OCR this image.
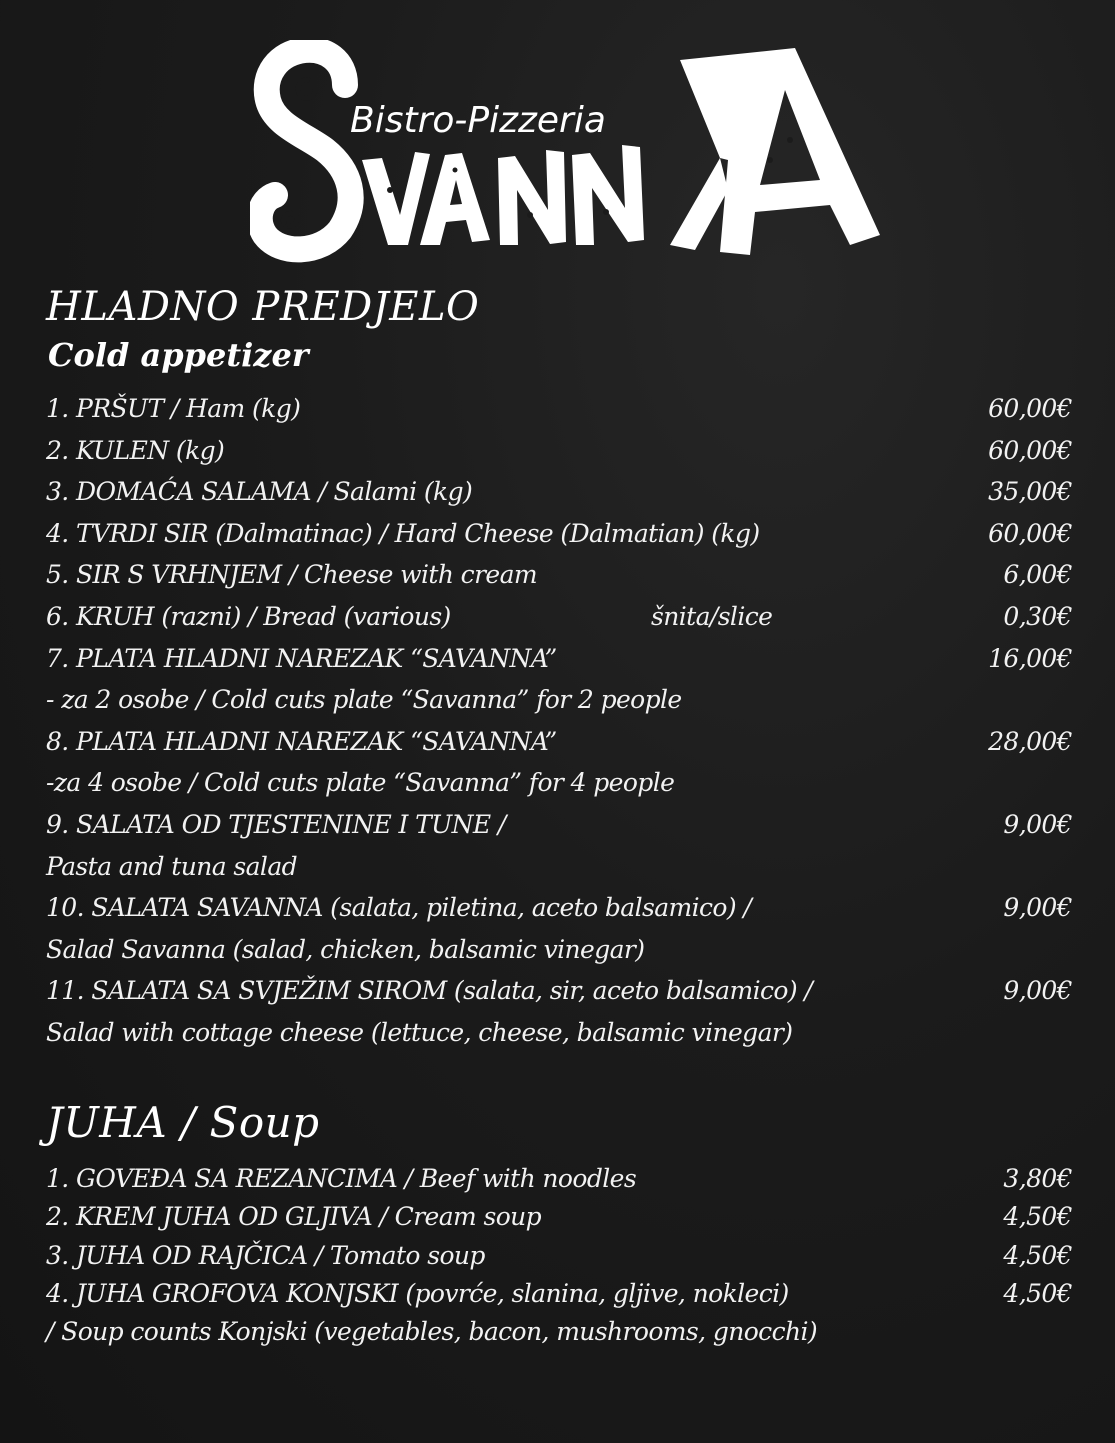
Bistro-Pizzeria
HLADNO PREDJELO
Cold appetizer
1. PRŠUT / Ham (kg)	60,00€
2. KULEN (kg)	60,00€
3. DOMAĆA SALAMA / Salami (kg)	35,00€
4. TVRDI SIR (Dalmatinac) / Hard Cheese (Dalmatian) (kg)	60,00€
5. SIR S VRHNJEM / Cheese with cream	6,00€
6. KRUH (razni) / Bread (various)	šnita/slice	0,30€
7. PLATA HLADNI NAREZAK “SAVANNA”	16,00€
- za 2 osobe / Cold cuts plate “Savanna” for 2 people
8. PLATA HLADNI NAREZAK “SAVANNA”	28,00€
-za 4 osobe / Cold cuts plate “Savanna” for 4 people
9. SALATA OD TJESTENINE I TUNE /	9,00€
Pasta and tuna salad
10. SALATA SAVANNA (salata, piletina, aceto balsamico) /	9,00€
Salad Savanna (salad, chicken, balsamic vinegar)
11. SALATA SA SVJEŽIM SIROM (salata, sir, aceto balsamico) /	9,00€
Salad with cottage cheese (lettuce, cheese, balsamic vinegar)
JUHA / Soup
1. GOVEĐA SA REZANCIMA / Beef with noodles	3,80€
2. KREM JUHA OD GLJIVA / Cream soup	4,50€
3. JUHA OD RAJČICA / Tomato soup	4,50€
4. JUHA GROFOVA KONJSKI (povrće, slanina, gljive, nokleci)	4,50€
/ Soup counts Konjski (vegetables, bacon, mushrooms, gnocchi)
